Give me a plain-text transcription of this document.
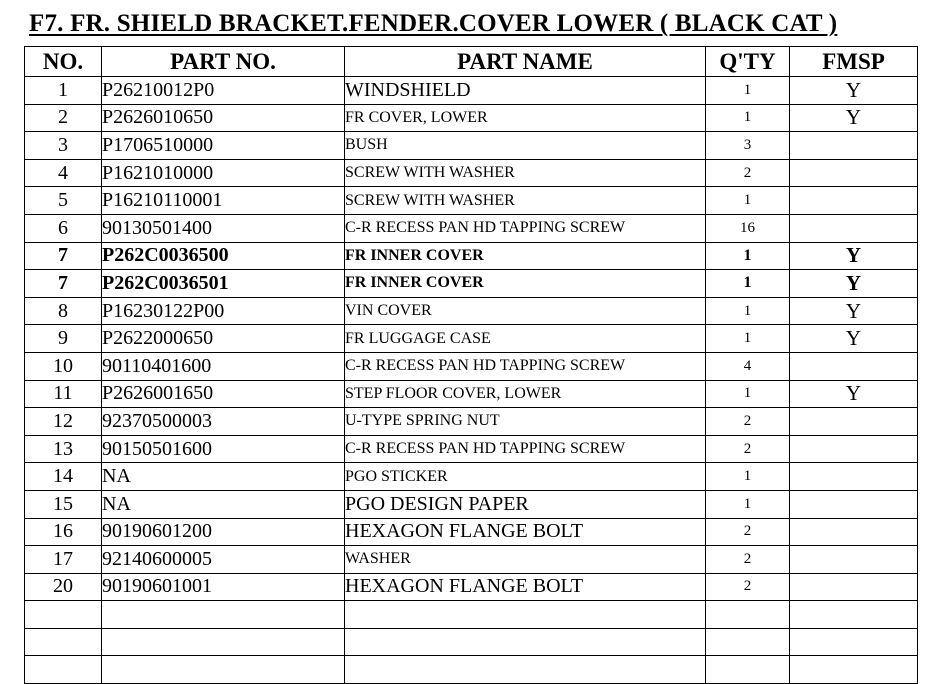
F7. FR. SHIELD BRACKET.FENDER.COVER LOWER ( BLACK CAT )
NO.	PART NO.	PART NAME	Q'TY	FMSP
1	P26210012P0	WINDSHIELD	1	Y
2	P2626010650	FR COVER, LOWER	1	Y
3	P1706510000	BUSH	3	
4	P1621010000	SCREW WITH WASHER	2	
5	P16210110001	SCREW WITH WASHER	1	
6	90130501400	C-R RECESS PAN HD TAPPING SCREW	16	
7	P262C0036500	FR INNER COVER	1	Y
7	P262C0036501	FR INNER COVER	1	Y
8	P16230122P00	VIN COVER	1	Y
9	P2622000650	FR LUGGAGE CASE	1	Y
10	90110401600	C-R RECESS PAN HD TAPPING SCREW	4	
11	P2626001650	STEP FLOOR COVER, LOWER	1	Y
12	92370500003	U-TYPE SPRING NUT	2	
13	90150501600	C-R RECESS PAN HD TAPPING SCREW	2	
14	NA	PGO STICKER	1	
15	NA	PGO DESIGN PAPER	1	
16	90190601200	HEXAGON FLANGE BOLT	2	
17	92140600005	WASHER	2	
20	90190601001	HEXAGON FLANGE BOLT	2	
